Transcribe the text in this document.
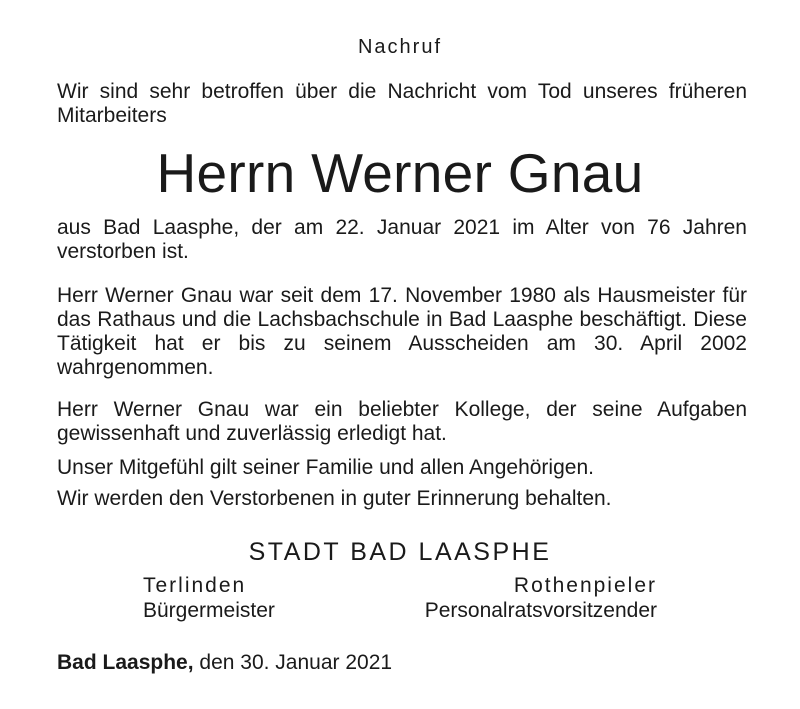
Nachruf
Wir sind sehr betroffen über die Nachricht vom Tod unseres früheren Mitarbeiters
Herrn Werner Gnau
aus Bad Laasphe, der am 22. Januar 2021 im Alter von 76 Jahren verstorben ist.
Herr Werner Gnau war seit dem 17. November 1980 als Hausmeister für das Rathaus und die Lachsbachschule in Bad Laasphe beschäftigt. Diese Tätigkeit hat er bis zu seinem Ausscheiden am 30. April 2002 wahrgenommen.
Herr Werner Gnau war ein beliebter Kollege, der seine Aufgaben gewissenhaft und zuverlässig erledigt hat.
Unser Mitgefühl gilt seiner Familie und allen Angehörigen.
Wir werden den Verstorbenen in guter Erinnerung behalten.
STADT BAD LAASPHE
Terlinden
Bürgermeister
Rothenpieler
Personalratsvorsitzender
Bad Laasphe, den 30. Januar 2021
